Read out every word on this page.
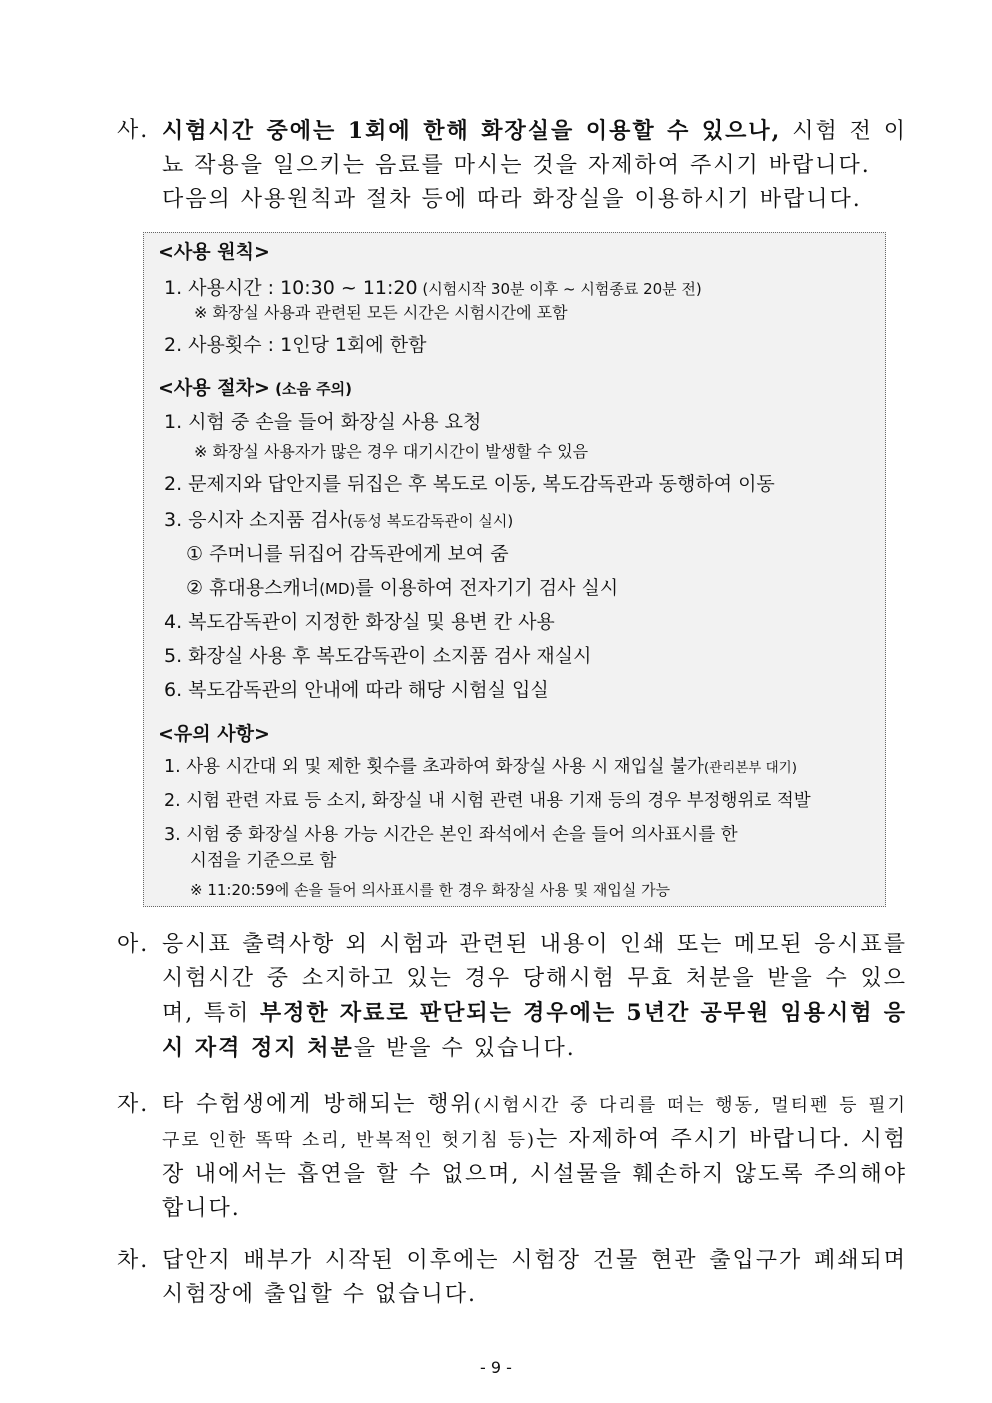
사. 시험시간 중에는 1회에 한해 화장실을 이용할 수 있으나, 시험 전 이뇨 작용을 일으키는 음료를 마시는 것을 자제하여 주시기 바랍니다.

다음의 사용원칙과 절차 등에 따라 화장실을 이용하시기 바랍니다.

<사용 원칙>
1. 사용시간 : 10:30 ~ 11:20 (시험시작 30분 이후 ~ 시험종료 20분 전)
※ 화장실 사용과 관련된 모든 시간은 시험시간에 포함
2. 사용횟수 : 1인당 1회에 한함
<사용 절차> (소음 주의)
1. 시험 중 손을 들어 화장실 사용 요청
※ 화장실 사용자가 많은 경우 대기시간이 발생할 수 있음
2. 문제지와 답안지를 뒤집은 후 복도로 이동, 복도감독관과 동행하여 이동
3. 응시자 소지품 검사(동성 복도감독관이 실시)
① 주머니를 뒤집어 감독관에게 보여 줌
② 휴대용스캐너(MD)를 이용하여 전자기기 검사 실시
4. 복도감독관이 지정한 화장실 및 용변 칸 사용
5. 화장실 사용 후 복도감독관이 소지품 검사 재실시
6. 복도감독관의 안내에 따라 해당 시험실 입실
<유의 사항>
1. 사용 시간대 외 및 제한 횟수를 초과하여 화장실 사용 시 재입실 불가(관리본부 대기)
2. 시험 관련 자료 등 소지, 화장실 내 시험 관련 내용 기재 등의 경우 부정행위로 적발
3. 시험 중 화장실 사용 가능 시간은 본인 좌석에서 손을 들어 의사표시를 한
시점을 기준으로 함
※ 11:20:59에 손을 들어 의사표시를 한 경우 화장실 사용 및 재입실 가능
아. 응시표 출력사항 외 시험과 관련된 내용이 인쇄 또는 메모된 응시표를 시험시간 중 소지하고 있는 경우 당해시험 무효 처분을 받을 수 있으며, 특히 부정한 자료로 판단되는 경우에는 5년간 공무원 임용시험 응시 자격 정지 처분을 받을 수 있습니다.

자. 타 수험생에게 방해되는 행위(시험시간 중 다리를 떠는 행동, 멀티펜 등 필기구로 인한 똑딱 소리, 반복적인 헛기침 등)는 자제하여 주시기 바랍니다. 시험장 내에서는 흡연을 할 수 없으며, 시설물을 훼손하지 않도록 주의해야 합니다.

차. 답안지 배부가 시작된 이후에는 시험장 건물 현관 출입구가 폐쇄되며 시험장에 출입할 수 없습니다.

- 9 -
